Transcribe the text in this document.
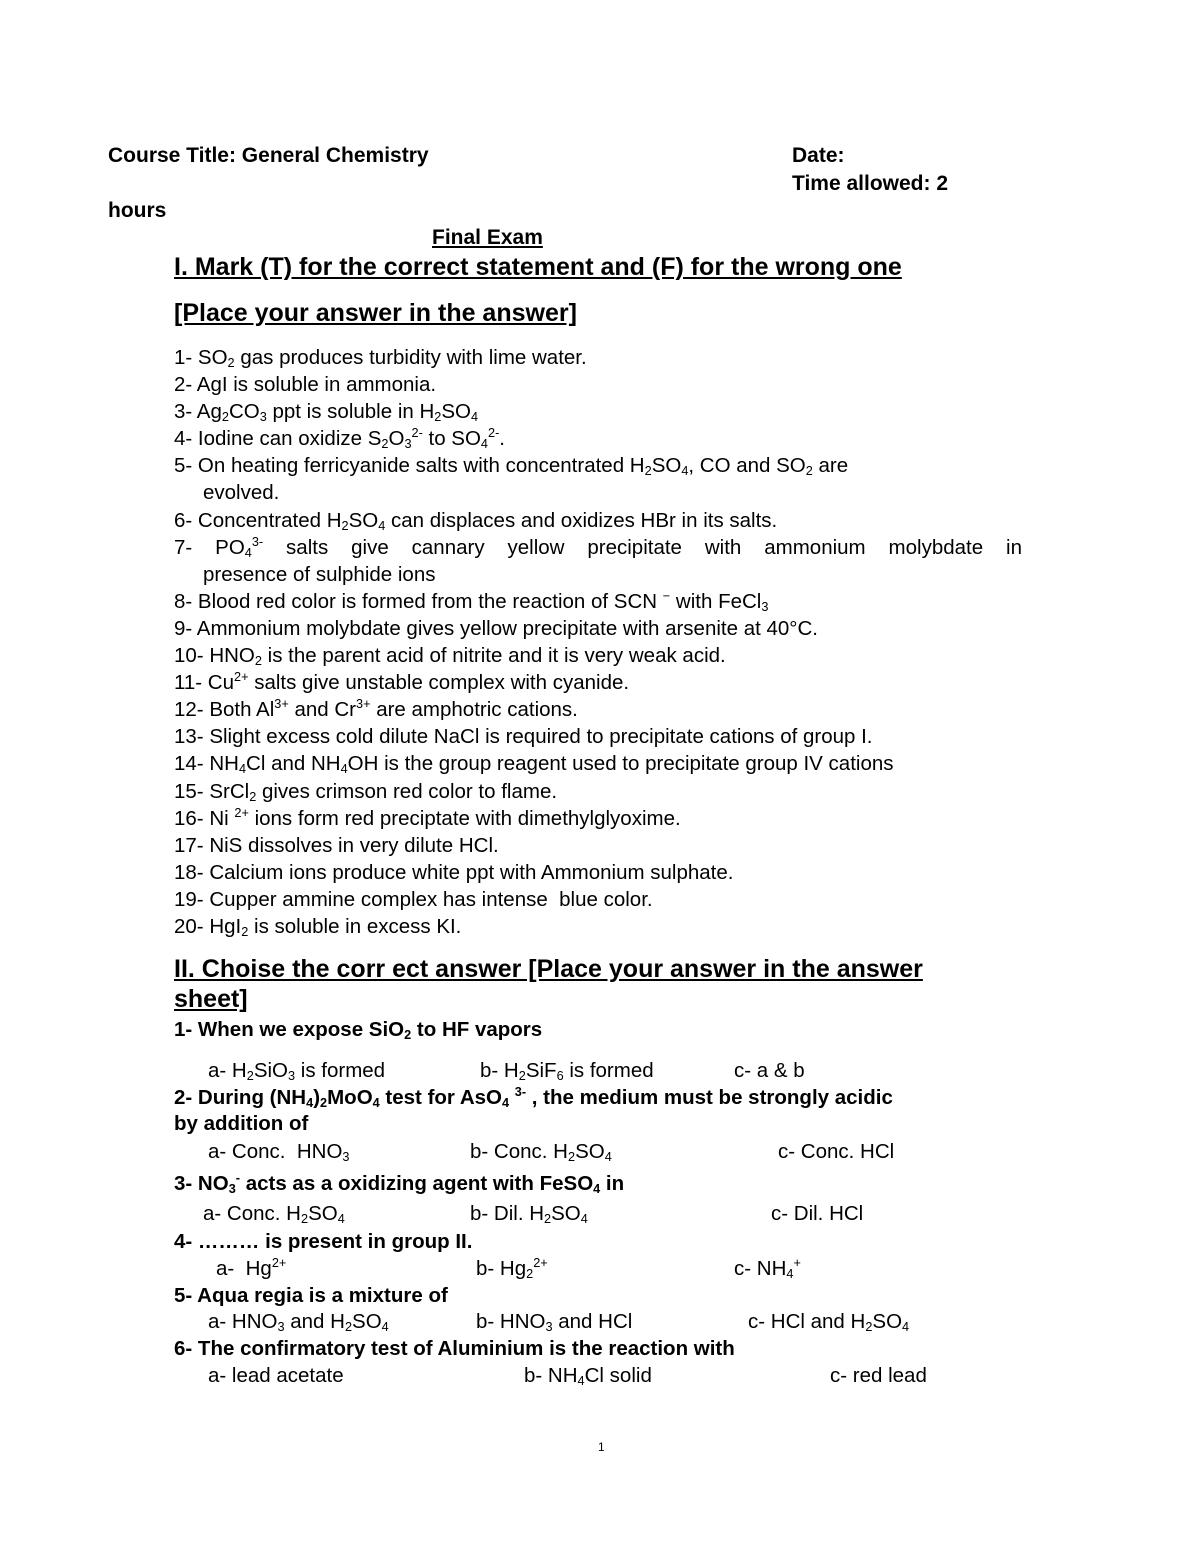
Course Title: General Chemistry	Date:
Time allowed: 2
hours
Final Exam
I. Mark (T) for the correct statement and (F) for the wrong one
[Place your answer in the answer]
1- $SO_2$ gas produces turbidity with lime water.
2- AgI is soluble in ammonia.
3- $Ag_2CO_3$ ppt is soluble in $H_2SO_4$
4- Iodine can oxidize $S_2O_3^{2-}$ to $SO_4^{2-}$.
5- On heating ferricyanide salts with concentrated $H_2SO_4$, CO and $SO_2$ are
evolved.
6- Concentrated $H_2SO_4$ can displaces and oxidizes HBr in its salts.
7- $PO_4^{3-}$ salts give cannary yellow precipitate with ammonium molybdate in
presence of sulphide ions
8- Blood red color is formed from the reaction of SCN − with FeCl$_3$
9- Ammonium molybdate gives yellow precipitate with arsenite at 40°C.
10- $HNO_2$ is the parent acid of nitrite and it is very weak acid.
11- $Cu^{2+}$ salts give unstable complex with cyanide.
12- Both $Al^{3+}$ and $Cr^{3+}$ are amphotric cations.
13- Slight excess cold dilute NaCl is required to precipitate cations of group I.
14- $NH_4Cl$ and $NH_4OH$ is the group reagent used to precipitate group IV cations
15- SrCl$_2$ gives crimson red color to flame.
16- Ni $^{2+}$ ions form red preciptate with dimethylglyoxime.
17- NiS dissolves in very dilute HCl.
18- Calcium ions produce white ppt with Ammonium sulphate.
19- Cupper ammine complex has intense  blue color.
20- HgI$_2$ is soluble in excess KI.
II. Choise the corr ect answer [Place your answer in the answer
sheet]
1- When we expose SiO$_2$ to HF vapors
a- $H_2SiO_3$ is formed	b- $H_2SiF_6$ is formed	c- a & b
2- During $(NH_4)_2MoO_4$ test for AsO$_4$ $^{3-}$ , the medium must be strongly acidic
by addition of
a- Conc.  $HNO_3$	b- Conc. $H_2SO_4$	c- Conc. HCl
3- $NO_3^-$ acts as a oxidizing agent with FeSO$_4$ in
a- Conc. $H_2SO_4$	b- Dil. $H_2SO_4$	c- Dil. HCl
4- ……… is present in group II.
a-  $Hg^{2+}$	b- $Hg_2^{2+}$	c- $NH_4^+$
5- Aqua regia is a mixture of
a- $HNO_3$ and $H_2SO_4$	b- $HNO_3$ and HCl	c- HCl and $H_2SO_4$
6- The confirmatory test of Aluminium is the reaction with
a- lead acetate	b- $NH_4Cl$ solid	c- red lead
1
